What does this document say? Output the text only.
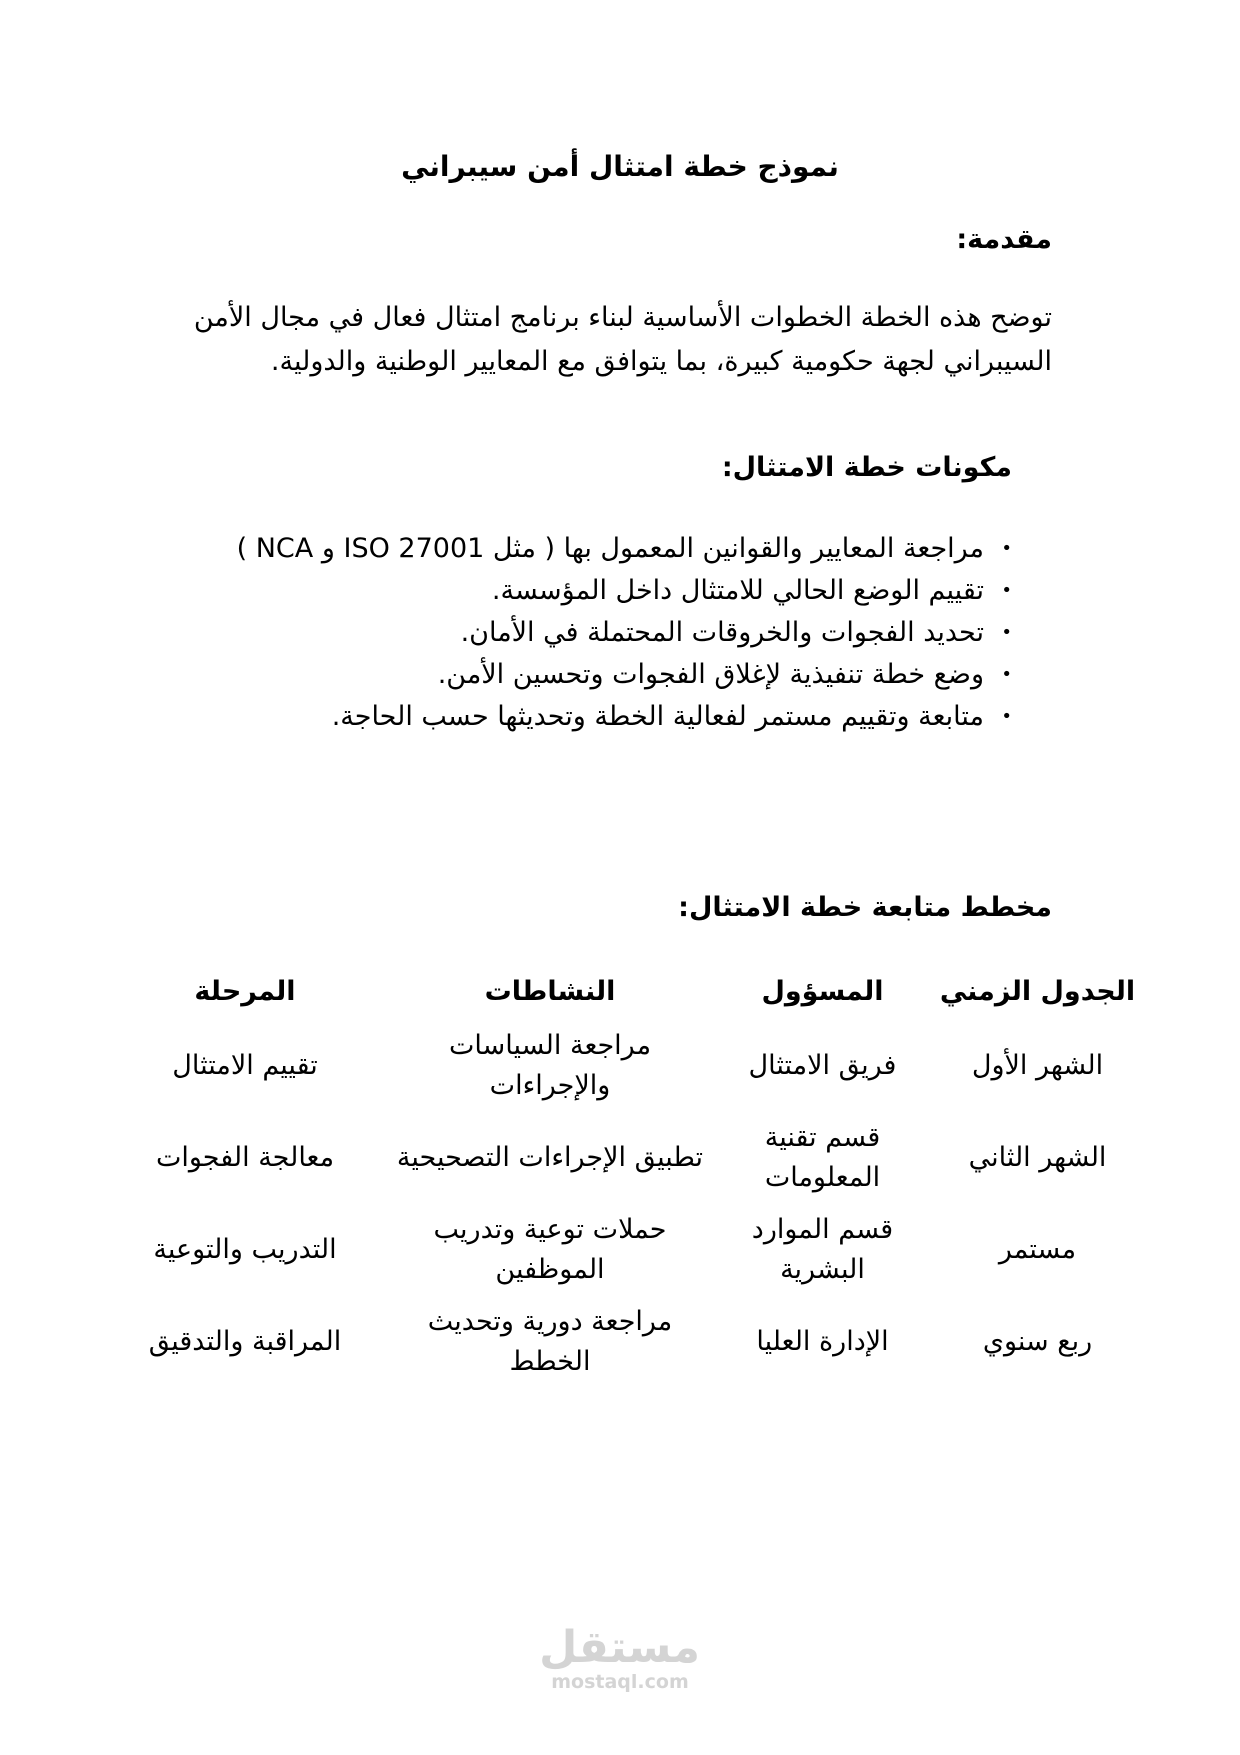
نموذج خطة امتثال أمن سيبراني
مقدمة:

توضح هذه الخطة الخطوات الأساسية لبناء برنامج امتثال فعال في مجال الأمن السيبراني لجهة حكومية كبيرة، بما يتوافق مع المعايير الوطنية والدولية.

مكونات خطة الامتثال:
• مراجعة المعايير والقوانين المعمول بها ( مثل ISO 27001 و NCA )
• تقييم الوضع الحالي للامتثال داخل المؤسسة.
• تحديد الفجوات والخروقات المحتملة في الأمان.
• وضع خطة تنفيذية لإغلاق الفجوات وتحسين الأمن.
• متابعة وتقييم مستمر لفعالية الخطة وتحديثها حسب الحاجة.
مخطط متابعة خطة الامتثال:
الجدول الزمني	المسؤول	النشاطات	المرحلة
الشهر الأول	فريق الامتثال	مراجعة السياسات والإجراءات	تقييم الامتثال
الشهر الثاني	قسم تقنية المعلومات	تطبيق الإجراءات التصحيحية	معالجة الفجوات
مستمر	قسم الموارد البشرية	حملات توعية وتدريب الموظفين	التدريب والتوعية
ربع سنوي	الإدارة العليا	مراجعة دورية وتحديث الخطط	المراقبة والتدقيق
مستقل
mostaql.com
